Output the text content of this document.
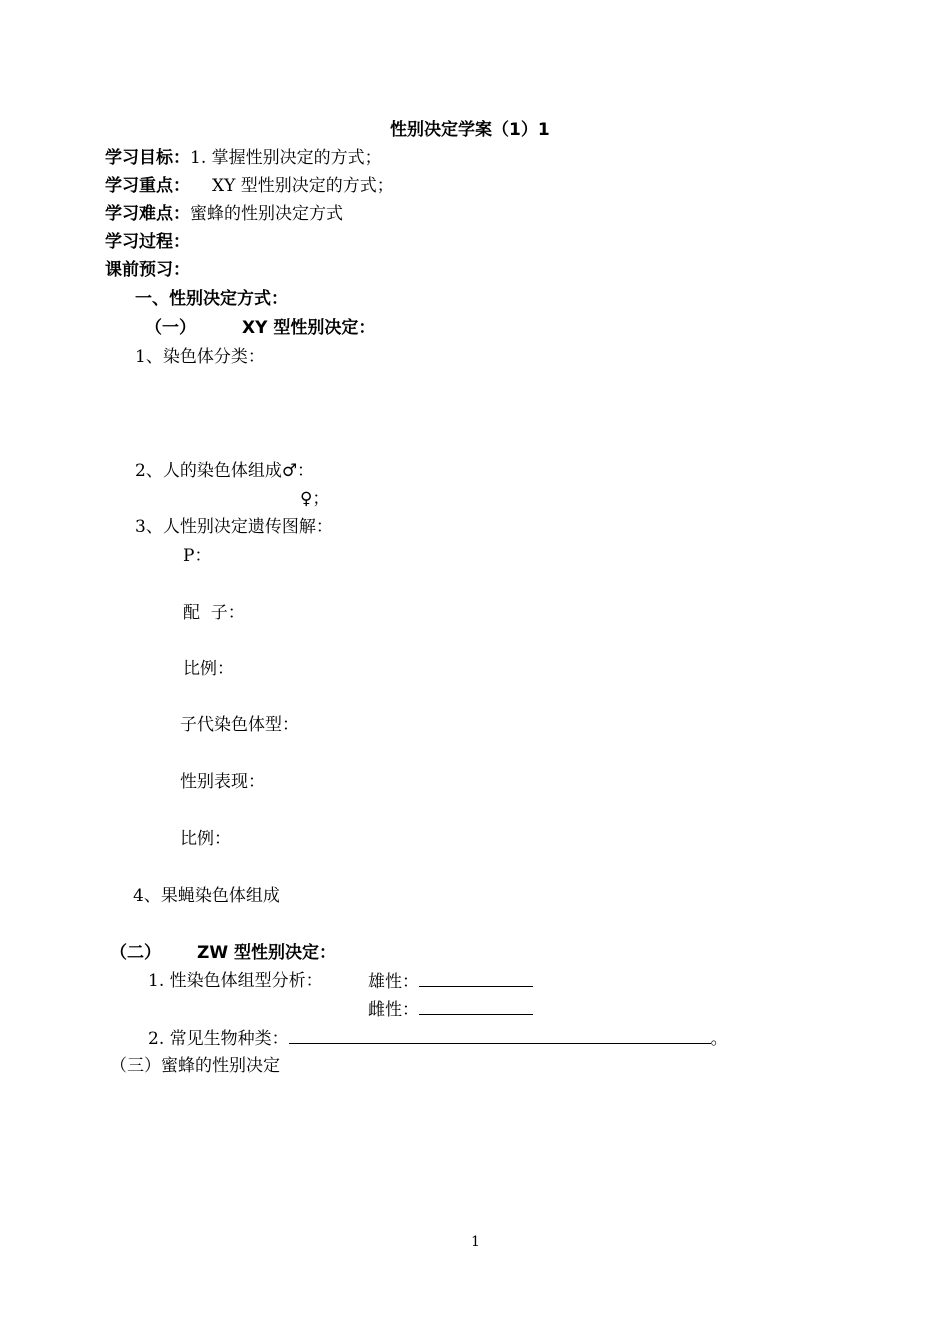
性别决定学案（1）1
学习目标：1. 掌握性别决定的方式；
学习重点： XY 型性别决定的方式；
学习难点：蜜蜂的性别决定方式
学习过程：
课前预习：
一、性别决定方式：
（一）	XY 型性别决定：
1、染色体分类：
2、人的染色体组成♂：
♀；
3、人性别决定遗传图解：
P：
配  子：
比例：
子代染色体型：
性别表现：
比例：
4、果蝇染色体组成
（二） ZW 型性别决定：
1. 性染色体组型分析：	雄性：
雌性：
2. 常见生物种类：	。
（三）蜜蜂的性别决定
1
